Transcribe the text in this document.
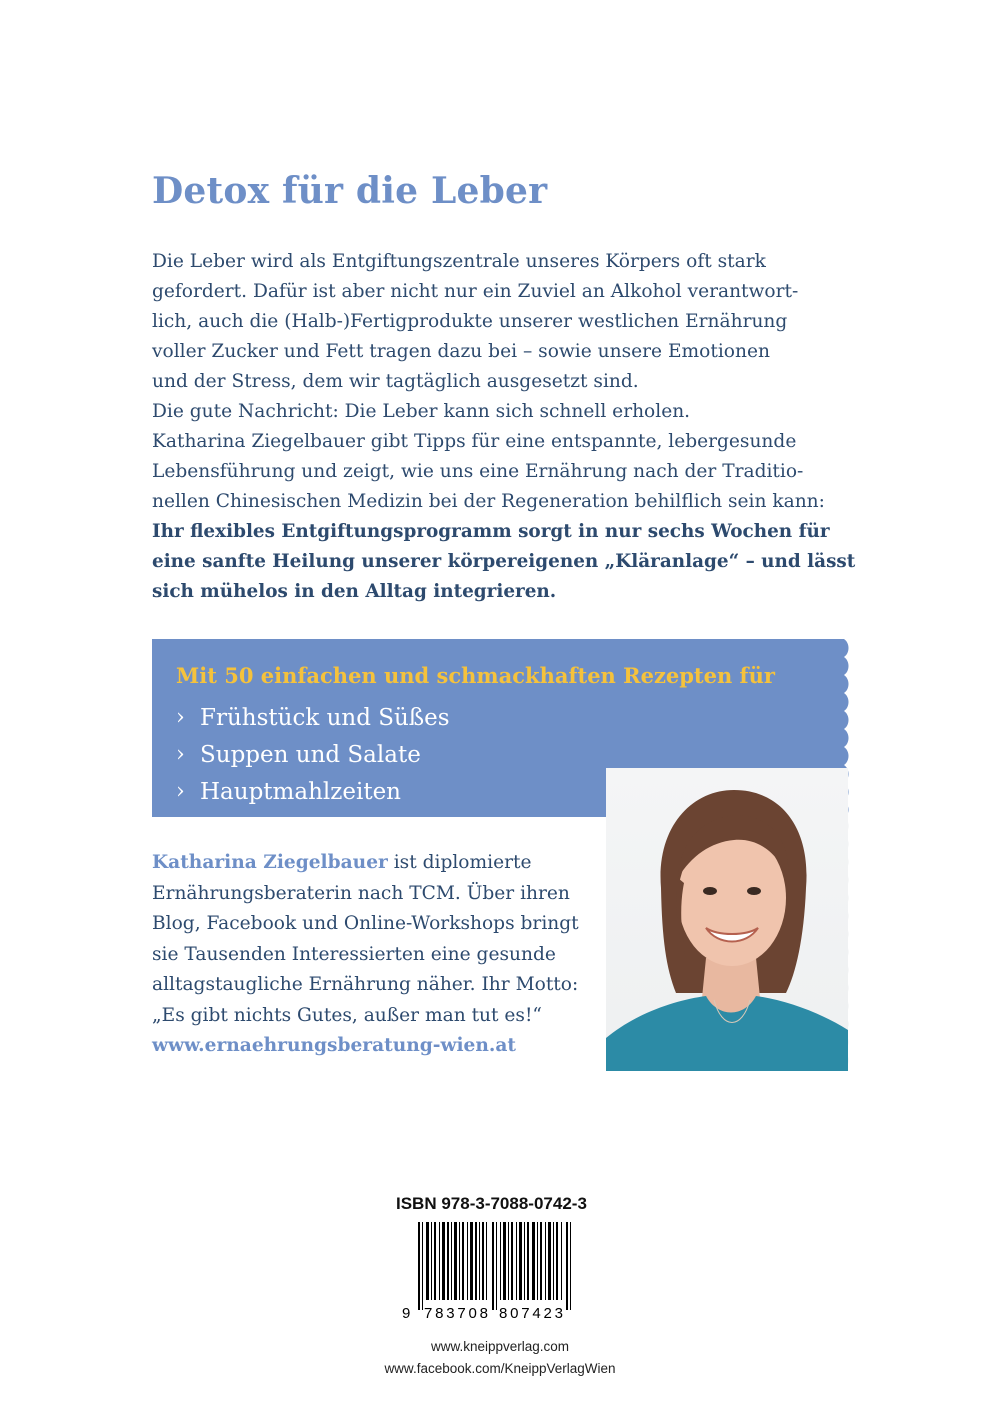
Detox für die Leber
Die Leber wird als Entgiftungszentrale unseres Körpers oft stark
gefordert. Dafür ist aber nicht nur ein Zuviel an Alkohol verantwort-
lich, auch die (Halb-)Fertigprodukte unserer westlichen Ernährung
voller Zucker und Fett tragen dazu bei – sowie unsere Emotionen
und der Stress, dem wir tagtäglich ausgesetzt sind.
Die gute Nachricht: Die Leber kann sich schnell erholen.
Katharina Ziegelbauer gibt Tipps für eine entspannte, lebergesunde
Lebensführung und zeigt, wie uns eine Ernährung nach der Traditio-
nellen Chinesischen Medizin bei der Regeneration behilflich sein kann:
Ihr flexibles Entgiftungsprogramm sorgt in nur sechs Wochen für
eine sanfte Heilung unserer körpereigenen „Kläranlage“ – und lässt
sich mühelos in den Alltag integrieren.
Mit 50 einfachen und schmackhaften Rezepten für
› Frühstück und Süßes
› Suppen und Salate
› Hauptmahlzeiten
Katharina Ziegelbauer ist diplomierte
Ernährungsberaterin nach TCM. Über ihren
Blog, Facebook und Online-Workshops bringt
sie Tausenden Interessierten eine gesunde
alltagstaugliche Ernährung näher. Ihr Motto:
„Es gibt nichts Gutes, außer man tut es!“
www.ernaehrungsberatung-wien.at
ISBN 978-3-7088-0742-3
9 783708 807423
www.kneippverlag.com
www.facebook.com/KneippVerlagWien
